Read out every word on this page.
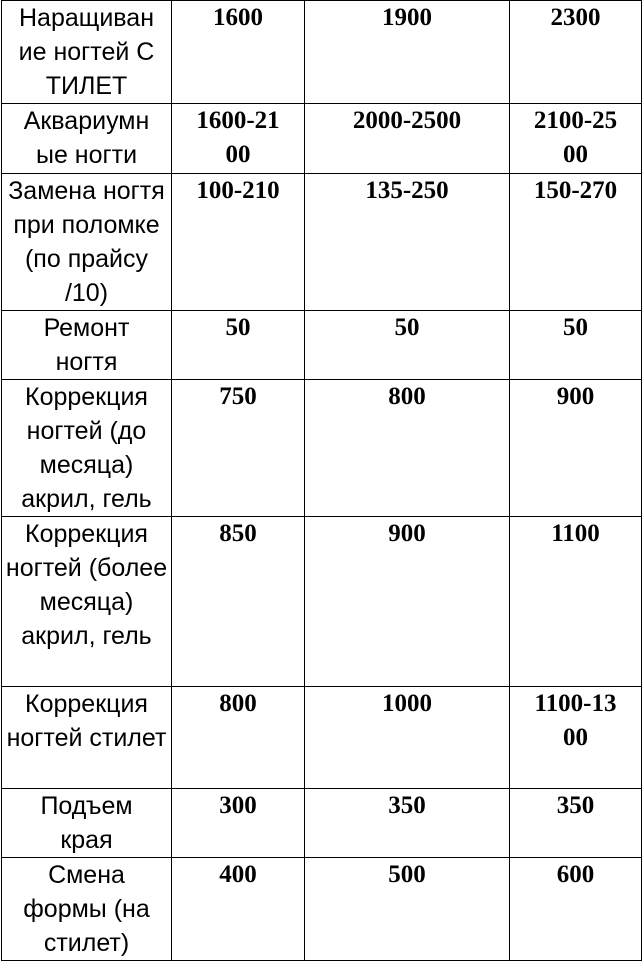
Наращиван ие ногтей СТИЛЕТ	1600	1900	2300

Аквариумн ые ногти	1600-2100	2000-2500	2100-2500

Замена ногтя при поломке (по прайсу /10)	100-210	135-250	150-270
Ремонт ногтя	50	50	50
Коррекция ногтей (до месяца) акрил, гель	750	800	900
Коррекция ногтей (более месяца) акрил, гель	850	900	1100
Коррекция ногтей стилет	800	1000	1100-1300

Подъем края	300	350	350
Смена формы (на стилет)	400	500	600
